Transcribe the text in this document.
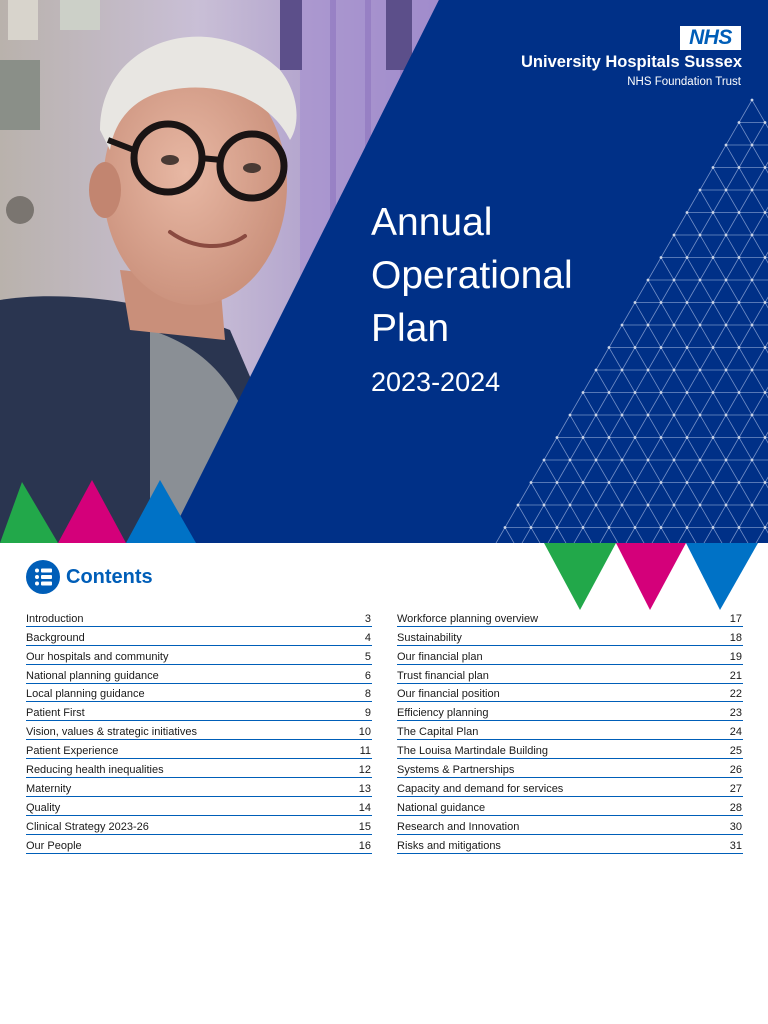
NHS
University Hospitals Sussex
NHS Foundation Trust
Annual
Operational
Plan
2023-2024
Contents
Introduction	3
Background	4
Our hospitals and community	5
National planning guidance	6
Local planning guidance	8
Patient First	9
Vision, values & strategic initiatives	10
Patient Experience	11
Reducing health inequalities	12
Maternity	13
Quality	14
Clinical Strategy 2023-26	15
Our People	16
Workforce planning overview	17
Sustainability	18
Our financial plan	19
Trust financial plan	21
Our financial position	22
Efficiency planning	23
The Capital Plan	24
The Louisa Martindale Building	25
Systems & Partnerships	26
Capacity and demand for services	27
National guidance	28
Research and Innovation	30
Risks and mitigations	31
